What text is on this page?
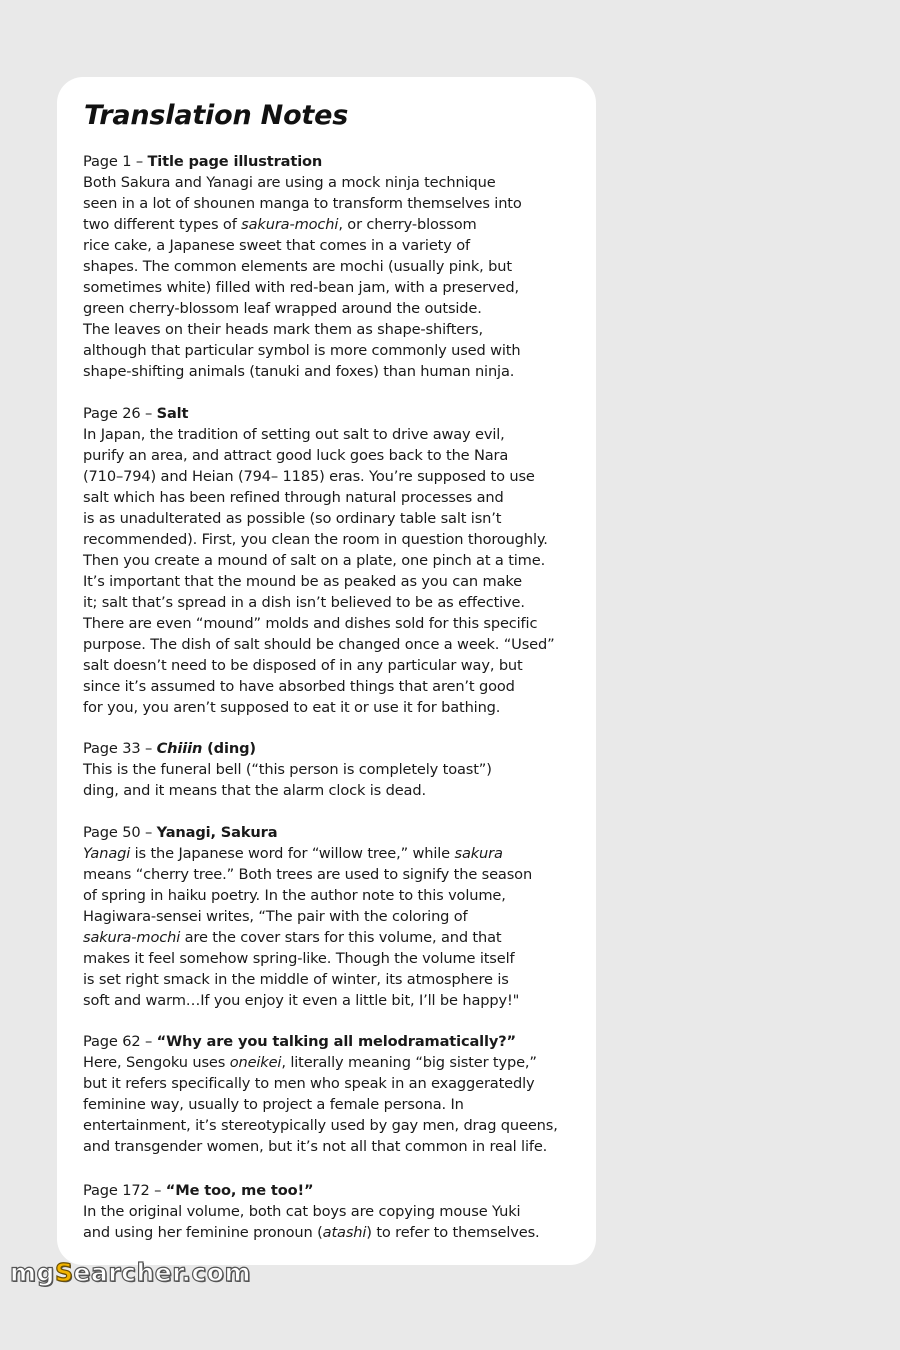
Translation Notes
Page 1 – Title page illustration
Both Sakura and Yanagi are using a mock ninja technique
seen in a lot of shounen manga to transform themselves into
two different types of sakura-mochi, or cherry-blossom
rice cake, a Japanese sweet that comes in a variety of
shapes. The common elements are mochi (usually pink, but
sometimes white) filled with red-bean jam, with a preserved,
green cherry-blossom leaf wrapped around the outside.
The leaves on their heads mark them as shape-shifters,
although that particular symbol is more commonly used with
shape-shifting animals (tanuki and foxes) than human ninja.
Page 26 – Salt
In Japan, the tradition of setting out salt to drive away evil,
purify an area, and attract good luck goes back to the Nara
(710–794) and Heian (794– 1185) eras. You’re supposed to use
salt which has been refined through natural processes and
is as unadulterated as possible (so ordinary table salt isn’t
recommended). First, you clean the room in question thoroughly.
Then you create a mound of salt on a plate, one pinch at a time.
It’s important that the mound be as peaked as you can make
it; salt that’s spread in a dish isn’t believed to be as effective.
There are even “mound” molds and dishes sold for this specific
purpose. The dish of salt should be changed once a week. “Used”
salt doesn’t need to be disposed of in any particular way, but
since it’s assumed to have absorbed things that aren’t good
for you, you aren’t supposed to eat it or use it for bathing.
Page 33 – Chiiin (ding)
This is the funeral bell (“this person is completely toast”)
ding, and it means that the alarm clock is dead.
Page 50 – Yanagi, Sakura
Yanagi is the Japanese word for “willow tree,” while sakura
means “cherry tree.” Both trees are used to signify the season
of spring in haiku poetry. In the author note to this volume,
Hagiwara-sensei writes, “The pair with the coloring of
sakura-mochi are the cover stars for this volume, and that
makes it feel somehow spring-like. Though the volume itself
is set right smack in the middle of winter, its atmosphere is
soft and warm…If you enjoy it even a little bit, I’ll be happy!"
Page 62 – “Why are you talking all melodramatically?”
Here, Sengoku uses oneikei, literally meaning “big sister type,”
but it refers specifically to men who speak in an exaggeratedly
feminine way, usually to project a female persona. In
entertainment, it’s stereotypically used by gay men, drag queens,
and transgender women, but it’s not all that common in real life.
Page 172 – “Me too, me too!”
In the original volume, both cat boys are copying mouse Yuki
and using her feminine pronoun (atashi) to refer to themselves.
mgSearcher.com
